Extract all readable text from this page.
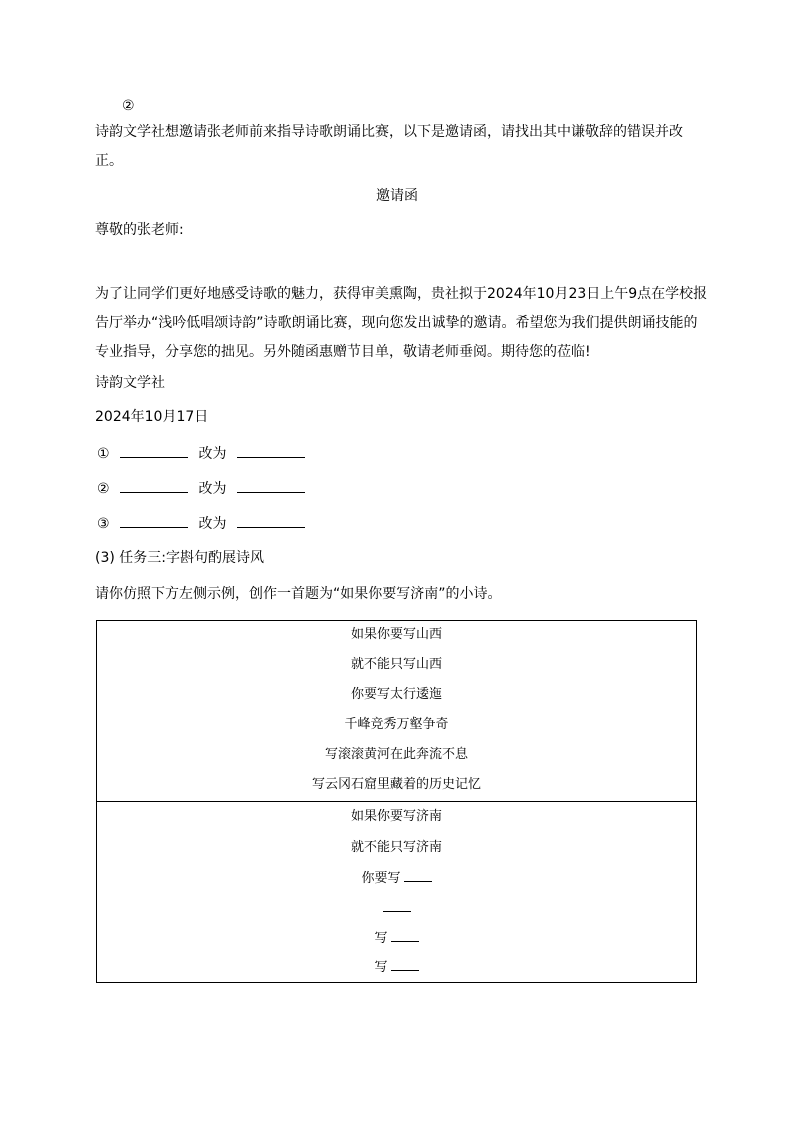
②
诗韵文学社想邀请张老师前来指导诗歌朗诵比赛，以下是邀请函，请找出其中谦敬辞的错误并改正。
邀请函
尊敬的张老师:
为了让同学们更好地感受诗歌的魅力，获得审美熏陶，贵社拟于2024年10月23日上午9点在学校报告厅举办“浅吟低唱颂诗韵”诗歌朗诵比赛，现向您发出诚挚的邀请。希望您为我们提供朗诵技能的专业指导，分享您的拙见。另外随函惠赠节目单，敬请老师垂阅。期待您的莅临!
诗韵文学社
2024年10月17日
①	改为
②	改为
③	改为
(3) 任务三:字斟句酌展诗风
请你仿照下方左侧示例，创作一首题为“如果你要写济南”的小诗。
如果你要写山西
就不能只写山西
你要写太行逶迤
千峰竞秀万壑争奇
写滚滚黄河在此奔流不息
写云冈石窟里藏着的历史记忆
如果你要写济南
就不能只写济南
你要写
写
写
